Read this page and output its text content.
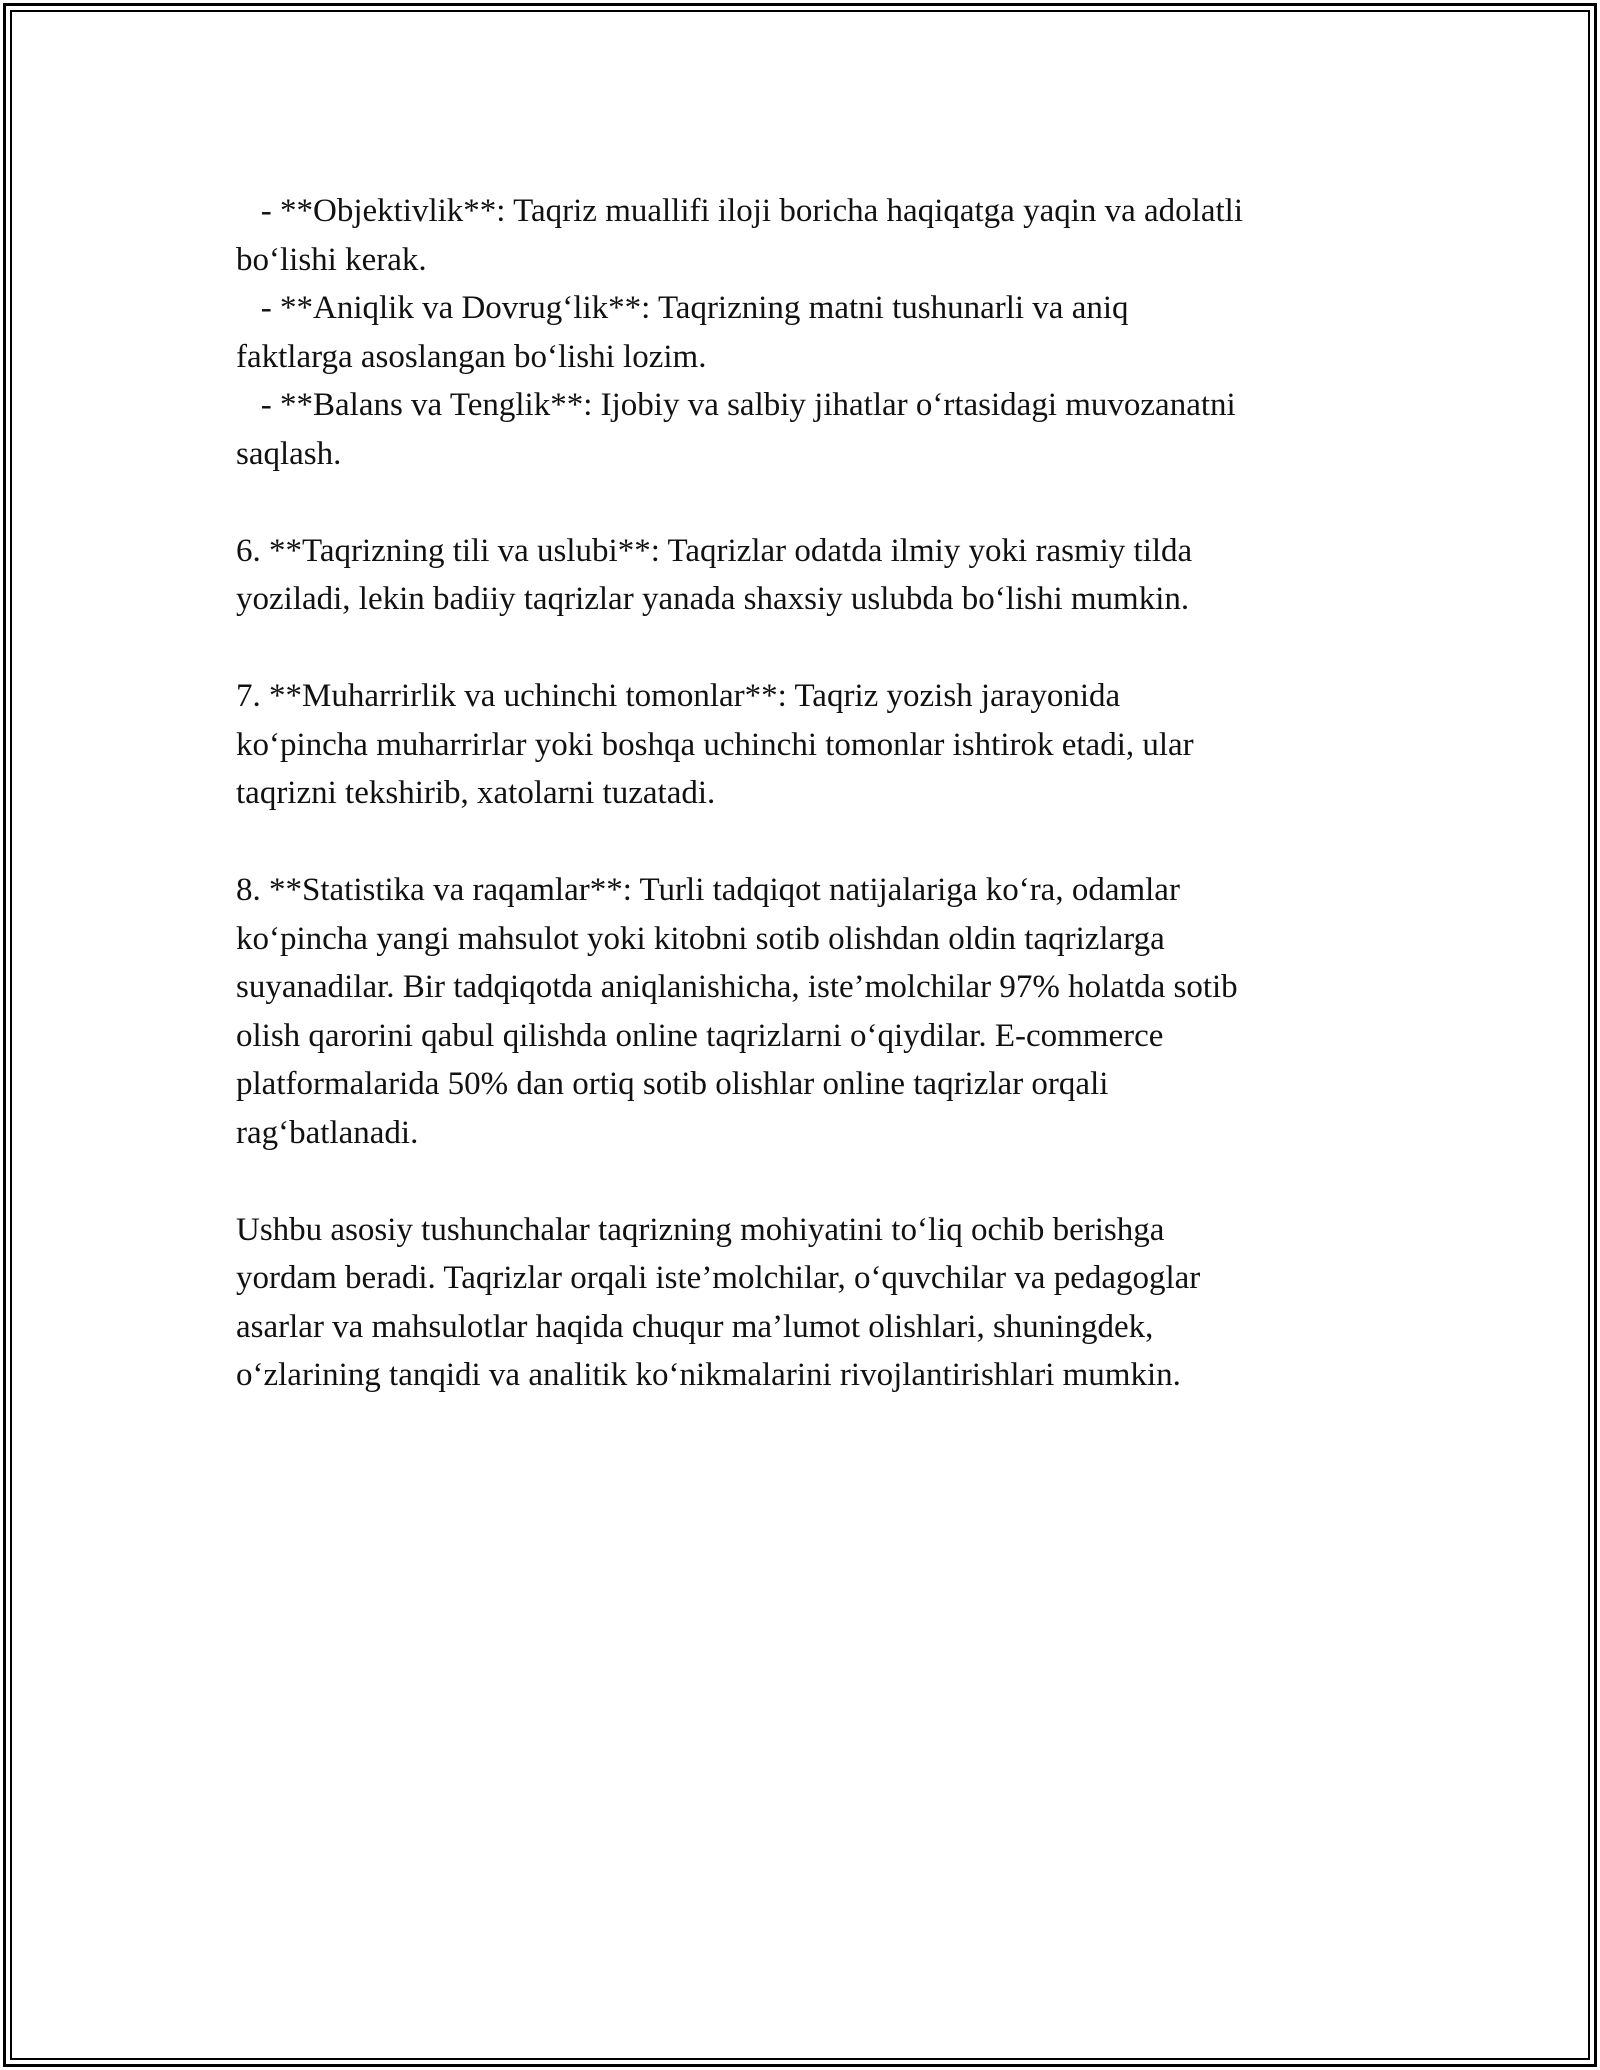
- **Objektivlik**: Taqriz muallifi iloji boricha haqiqatga yaqin va adolatli

bo‘lishi kerak.

- **Aniqlik va Dovrug‘lik**: Taqrizning matni tushunarli va aniq

faktlarga asoslangan bo‘lishi lozim.

- **Balans va Tenglik**: Ijobiy va salbiy jihatlar o‘rtasidagi muvozanatni

saqlash.

6. **Taqrizning tili va uslubi**: Taqrizlar odatda ilmiy yoki rasmiy tilda

yoziladi, lekin badiiy taqrizlar yanada shaxsiy uslubda bo‘lishi mumkin.

7. **Muharrirlik va uchinchi tomonlar**: Taqriz yozish jarayonida

ko‘pincha muharrirlar yoki boshqa uchinchi tomonlar ishtirok etadi, ular

taqrizni tekshirib, xatolarni tuzatadi.

8. **Statistika va raqamlar**: Turli tadqiqot natijalariga ko‘ra, odamlar

ko‘pincha yangi mahsulot yoki kitobni sotib olishdan oldin taqrizlarga

suyanadilar. Bir tadqiqotda aniqlanishicha, iste’molchilar 97% holatda sotib

olish qarorini qabul qilishda online taqrizlarni o‘qiydilar. E-commerce

platformalarida 50% dan ortiq sotib olishlar online taqrizlar orqali

rag‘batlanadi.

Ushbu asosiy tushunchalar taqrizning mohiyatini to‘liq ochib berishga

yordam beradi. Taqrizlar orqali iste’molchilar, o‘quvchilar va pedagoglar

asarlar va mahsulotlar haqida chuqur ma’lumot olishlari, shuningdek,

o‘zlarining tanqidi va analitik ko‘nikmalarini rivojlantirishlari mumkin.
